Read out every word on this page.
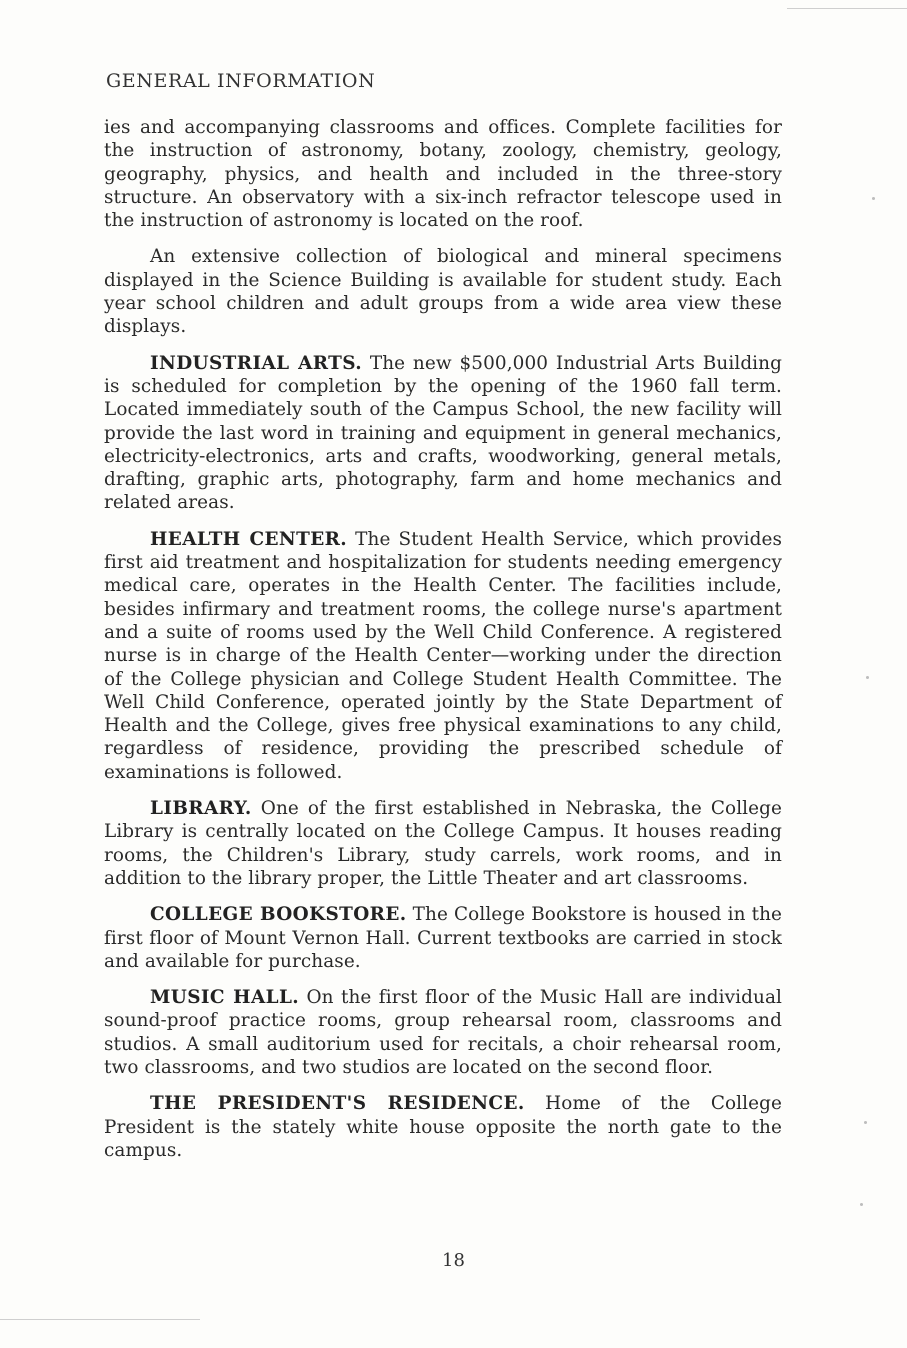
GENERAL INFORMATION

ies and accompanying classrooms and offices. Complete facilities for the instruction of astronomy, botany, zoology, chemistry, geology, geography, physics, and health and included in the three-story structure. An observatory with a six-inch refractor telescope used in the instruction of astronomy is located on the roof.

An extensive collection of biological and mineral specimens displayed in the Science Building is available for student study. Each year school children and adult groups from a wide area view these displays.

INDUSTRIAL ARTS. The new $500,000 Industrial Arts Building is scheduled for completion by the opening of the 1960 fall term. Located immediately south of the Campus School, the new facility will provide the last word in training and equipment in general mechanics, electricity-electronics, arts and crafts, woodworking, general metals, drafting, graphic arts, photography, farm and home mechanics and related areas.

HEALTH CENTER. The Student Health Service, which provides first aid treatment and hospitalization for students needing emergency medical care, operates in the Health Center. The facilities include, besides infirmary and treatment rooms, the college nurse's apartment and a suite of rooms used by the Well Child Conference. A registered nurse is in charge of the Health Center—working under the direction of the College physician and College Student Health Committee. The Well Child Conference, operated jointly by the State Department of Health and the College, gives free physical examinations to any child, regardless of residence, providing the prescribed schedule of examinations is followed.

LIBRARY. One of the first established in Nebraska, the College Library is centrally located on the College Campus. It houses reading rooms, the Children's Library, study carrels, work rooms, and in addition to the library proper, the Little Theater and art classrooms.

COLLEGE BOOKSTORE. The College Bookstore is housed in the first floor of Mount Vernon Hall. Current textbooks are carried in stock and available for purchase.

MUSIC HALL. On the first floor of the Music Hall are individual sound-proof practice rooms, group rehearsal room, classrooms and studios. A small auditorium used for recitals, a choir rehearsal room, two classrooms, and two studios are located on the second floor.

THE PRESIDENT'S RESIDENCE. Home of the College President is the stately white house opposite the north gate to the campus.

18
